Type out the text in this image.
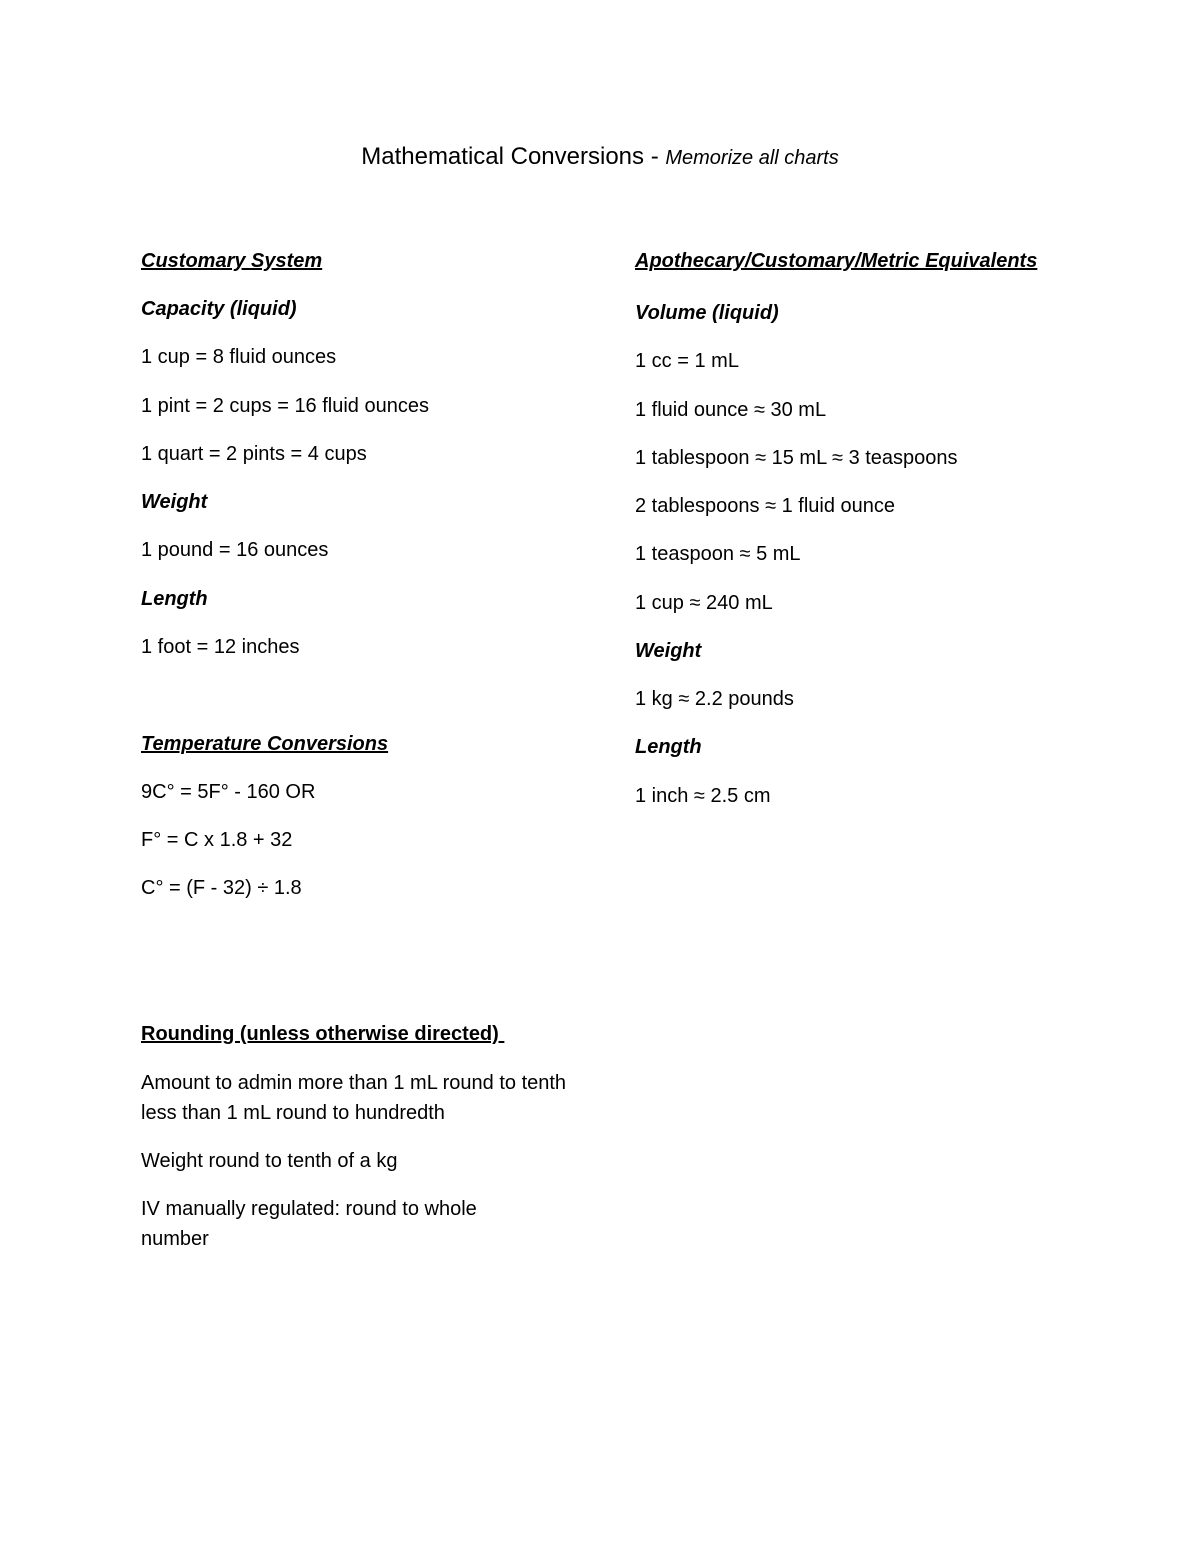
Mathematical Conversions - Memorize all charts
Customary System
Capacity (liquid)
1 cup = 8 fluid ounces
1 pint = 2 cups = 16 fluid ounces
1 quart = 2 pints = 4 cups
Weight
1 pound = 16 ounces
Length
1 foot = 12 inches
Temperature Conversions
9C° = 5F° - 160 OR
F° = C x 1.8 + 32
C° = (F - 32) ÷ 1.8
Rounding (unless otherwise directed)
Amount to admin more than 1 mL round to tenth less than 1 mL round to hundredth
Weight round to tenth of a kg
IV manually regulated: round to whole number
Apothecary/Customary/Metric Equivalents
Volume (liquid)
1 cc = 1 mL
1 fluid ounce ≈ 30 mL
1 tablespoon ≈ 15 mL ≈ 3 teaspoons
2 tablespoons ≈ 1 fluid ounce
1 teaspoon ≈ 5 mL
1 cup ≈ 240 mL
Weight
1 kg ≈ 2.2 pounds
Length
1 inch ≈ 2.5 cm
